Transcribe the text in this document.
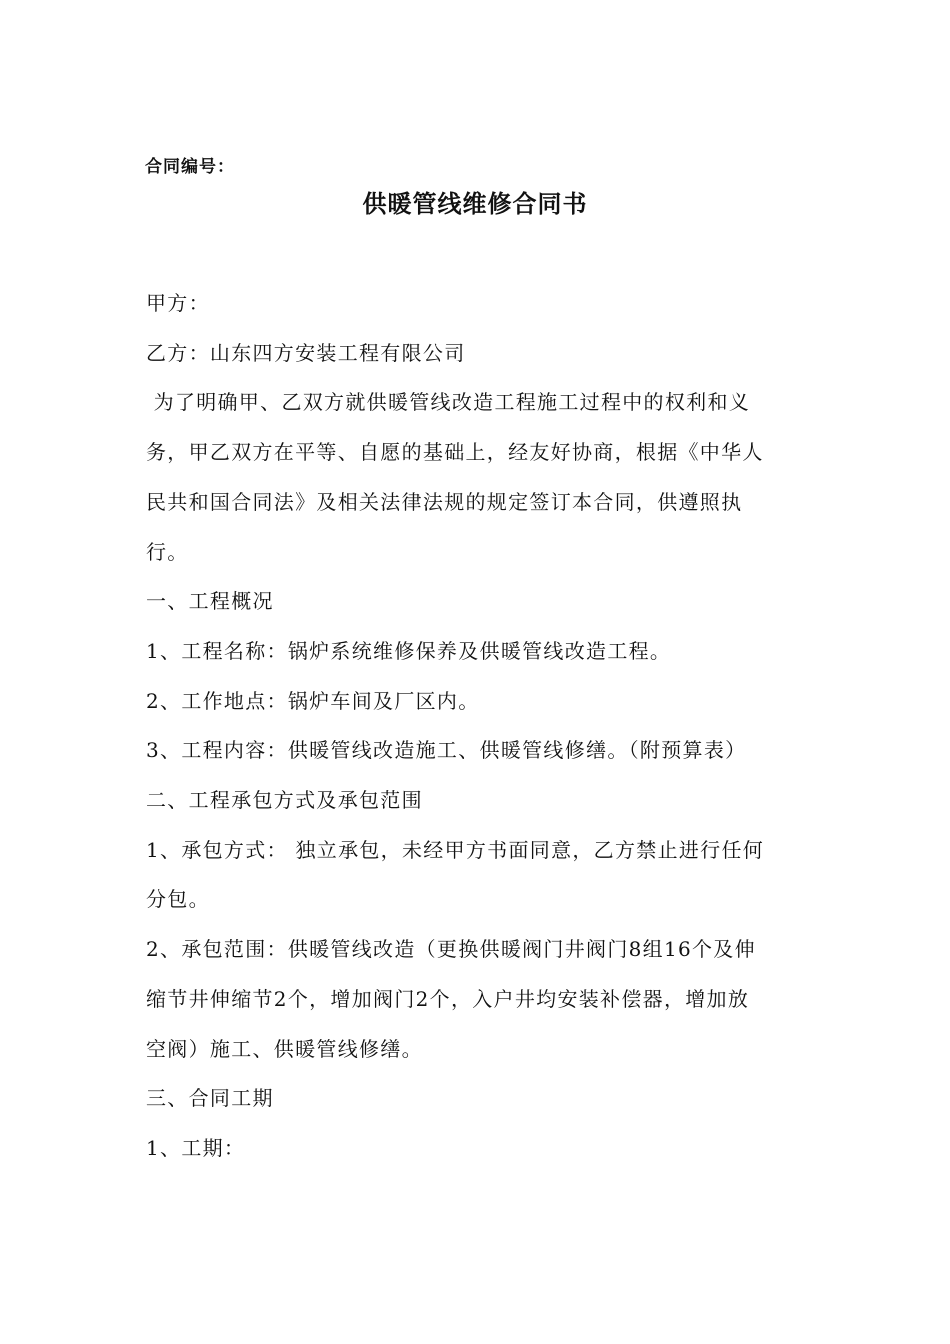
合同编号：
供暖管线维修合同书
甲方：
乙方：山东四方安装工程有限公司
为了明确甲、乙双方就供暖管线改造工程施工过程中的权利和义
务，甲乙双方在平等、自愿的基础上，经友好协商，根据《中华人
民共和国合同法》及相关法律法规的规定签订本合同，供遵照执
行。
一、工程概况
1、工程名称：锅炉系统维修保养及供暖管线改造工程。
2、工作地点：锅炉车间及厂区内。
3、工程内容：供暖管线改造施工、供暖管线修缮。（附预算表）
二、工程承包方式及承包范围
1、承包方式： 独立承包，未经甲方书面同意，乙方禁止进行任何
分包。
2、承包范围：供暖管线改造（更换供暖阀门井阀门8组16个及伸
缩节井伸缩节2个，增加阀门2个，入户井均安装补偿器，增加放
空阀）施工、供暖管线修缮。
三、合同工期
1、工期：
